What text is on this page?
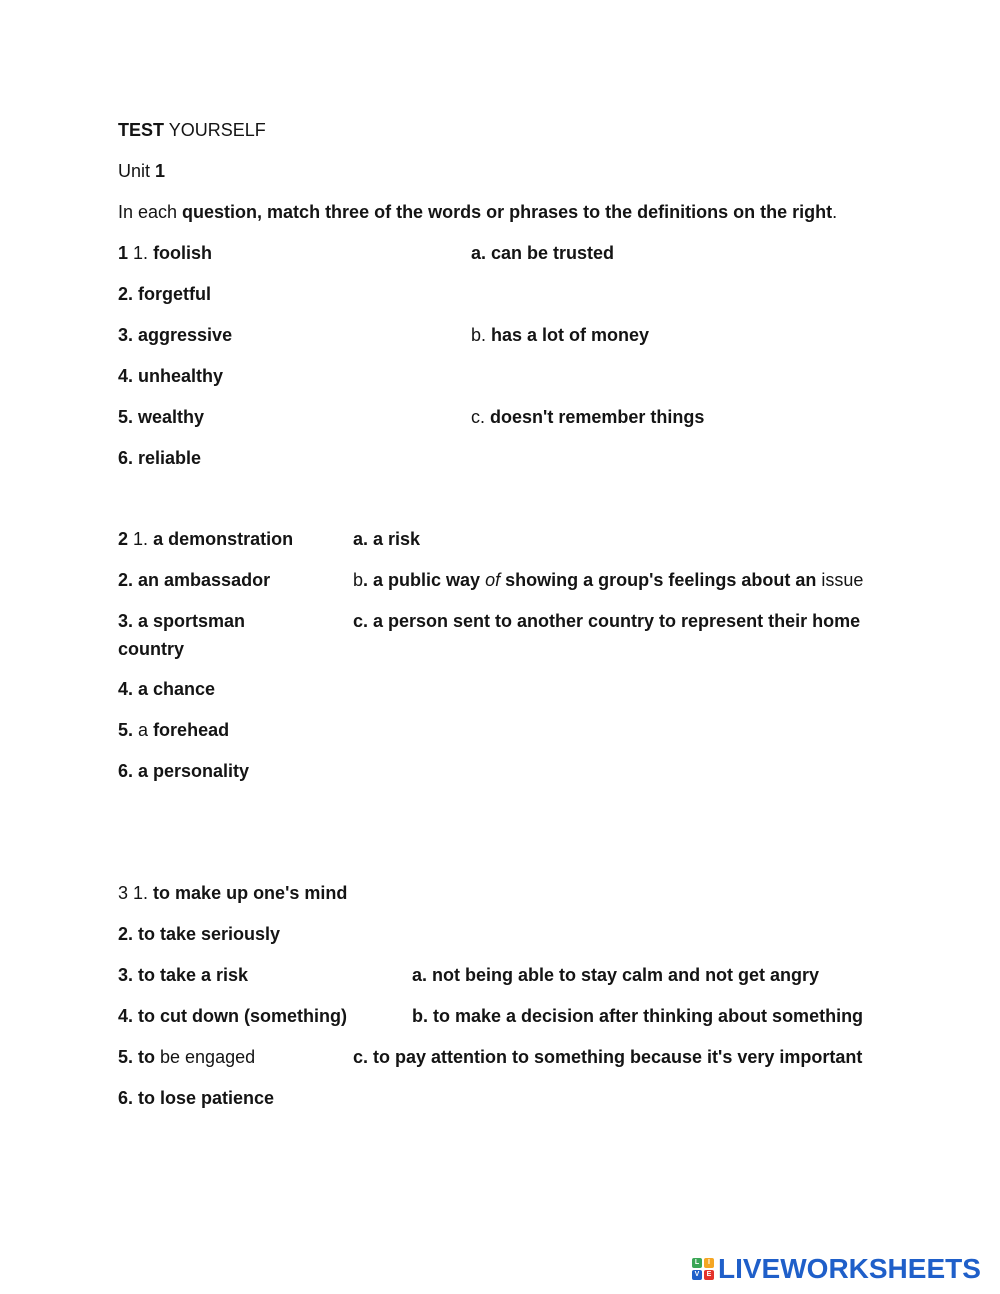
TEST YOURSELF
Unit 1
In each question, match three of the words or phrases to the definitions on the right.
1 1. foolish
2. forgetful
3. aggressive
4. unhealthy
5. wealthy
6. reliable
a. can be trusted
b. has a lot of money
c. doesn't remember things
2 1. a demonstration
2. an ambassador
3. a sportsman
country
4. a chance
5. a forehead
6. a personality
a. a risk
b. a public way of showing a group's feelings about an issue
c. a person sent to another country to represent their home
3 1. to make up one's mind
2. to take seriously
3. to take a risk
4. to cut down (something)
5. to be engaged
6. to lose patience
a. not being able to stay calm and not get angry
b. to make a decision after thinking about something
c. to pay attention to something because it's very important
L	I
V	E LIVEWORKSHEETS
